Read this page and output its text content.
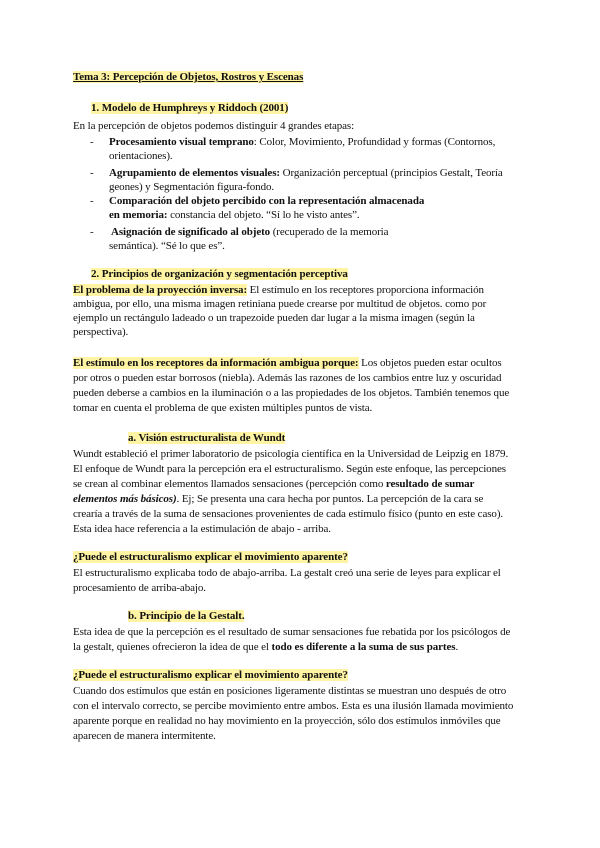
Tema 3: Percepción de Objetos, Rostros y Escenas
1. Modelo de Humphreys y Riddoch (2001)
En la percepción de objetos podemos distinguir 4 grandes etapas:
- Procesamiento visual temprano: Color, Movimiento, Profundidad y formas (Contornos,
orientaciones).
- Agrupamiento de elementos visuales: Organización perceptual (principios Gestalt, Teoría
geones) y Segmentación figura-fondo.
- Comparación del objeto percibido con la representación almacenada
en memoria: constancia del objeto. “Sí lo he visto antes”.
- Asignación de significado al objeto (recuperado de la memoria
semántica). “Sé lo que es”.
2. Principios de organización y segmentación perceptiva
El problema de la proyección inversa: El estímulo en los receptores proporciona información
ambigua, por ello, una misma imagen retiniana puede crearse por multitud de objetos. como por
ejemplo un rectángulo ladeado o un trapezoide pueden dar lugar a la misma imagen (según la
perspectiva).
El estímulo en los receptores da información ambigua porque: Los objetos pueden estar ocultos
por otros o pueden estar borrosos (niebla). Además las razones de los cambios entre luz y oscuridad
pueden deberse a cambios en la iluminación o a las propiedades de los objetos. También tenemos que
tomar en cuenta el problema de que existen múltiples puntos de vista.
a. Visión estructuralista de Wundt
Wundt estableció el primer laboratorio de psicología científica en la Universidad de Leipzig en 1879.
El enfoque de Wundt para la percepción era el estructuralismo. Según este enfoque, las percepciones
se crean al combinar elementos llamados sensaciones (percepción como resultado de sumar
elementos más básicos). Ej; Se presenta una cara hecha por puntos. La percepción de la cara se
crearía a través de la suma de sensaciones provenientes de cada estímulo físico (punto en este caso).
Esta idea hace referencia a la estimulación de abajo - arriba.
¿Puede el estructuralismo explicar el movimiento aparente?
El estructuralismo explicaba todo de abajo-arriba. La gestalt creó una serie de leyes para explicar el
procesamiento de arriba-abajo.
b. Principio de la Gestalt.
Esta idea de que la percepción es el resultado de sumar sensaciones fue rebatida por los psicólogos de
la gestalt, quienes ofrecieron la idea de que el todo es diferente a la suma de sus partes.
¿Puede el estructuralismo explicar el movimiento aparente?
Cuando dos estímulos que están en posiciones ligeramente distintas se muestran uno después de otro
con el intervalo correcto, se percibe movimiento entre ambos. Esta es una ilusión llamada movimiento
aparente porque en realidad no hay movimiento en la proyección, sólo dos estímulos inmóviles que
aparecen de manera intermitente.
